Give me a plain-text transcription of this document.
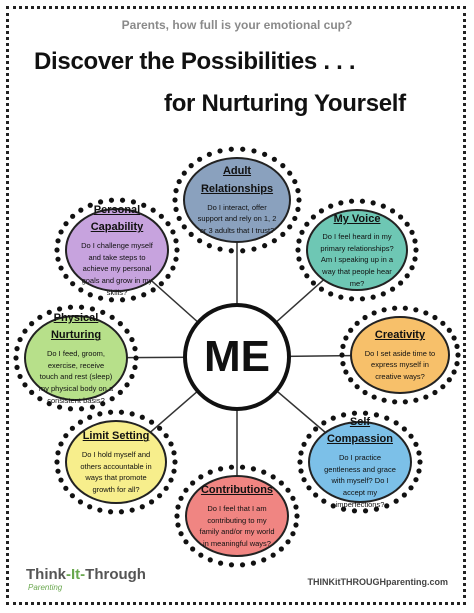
Parents, how full is your emotional cup?
Discover the Possibilities . . .
for Nurturing Yourself
Adult Relationships
Do I interact, offer support and rely on 1, 2 or 3 adults that I trust?
My Voice
Do I feel heard in my primary relationships? Am I speaking up in a way that people hear me?
Creativity
Do I set aside time to express myself in creative ways?
Self Compassion
Do I practice gentleness and grace with myself? Do I accept my imperfections?
Contributions
Do I feel that I am contributing to my family and/or my world in meaningful ways?
Limit Setting
Do I hold myself and others accountable in ways that promote growth for all?
Physical Nurturing
Do I feed, groom, exercise, receive touch and rest (sleep) my physical body on a consistent basis?
Personal Capability
Do I challenge myself and take steps to achieve my personal goals and grow in my skills?
ME
Think-It-Through
Parenting
THINKitTHROUGHparenting.com
